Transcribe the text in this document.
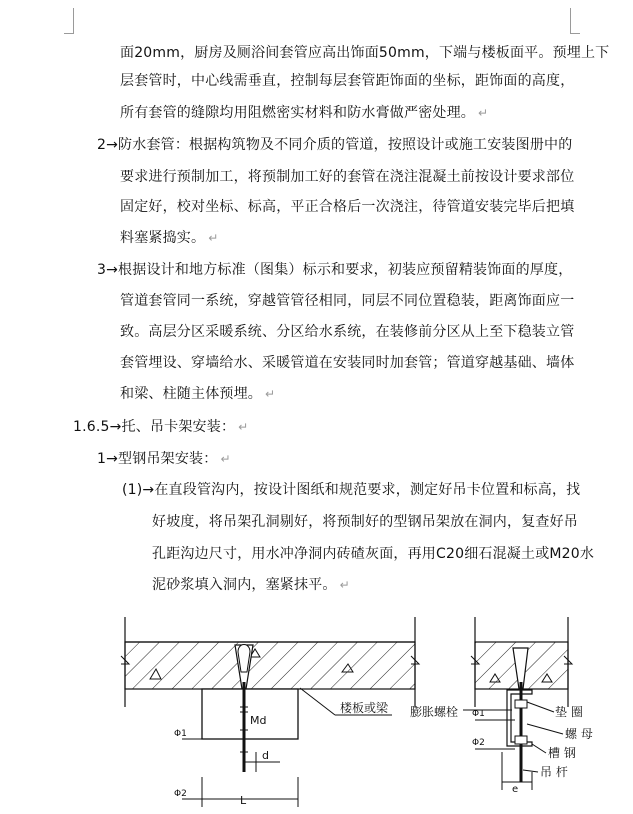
面20mm，厨房及厕浴间套管应高出饰面50mm，下端与楼板面平。预埋上下
层套管时，中心线需垂直，控制每层套管距饰面的坐标，距饰面的高度，
所有套管的缝隙均用阻燃密实材料和防水膏做严密处理。 ↵
2→防水套管：根据构筑物及不同介质的管道，按照设计或施工安装图册中的
要求进行预制加工，将预制加工好的套管在浇注混凝土前按设计要求部位
固定好，校对坐标、标高，平正合格后一次浇注，待管道安装完毕后把填
料塞紧捣实。 ↵
3→根据设计和地方标准（图集）标示和要求，初装应预留精装饰面的厚度，
管道套管同一系统，穿越管管径相同，同层不同位置稳装，距离饰面应一
致。高层分区采暖系统、分区给水系统，在装修前分区从上至下稳装立管
套管埋设、穿墙给水、采暖管道在安装同时加套管；管道穿越基础、墙体
和梁、柱随主体预埋。 ↵
1.6.5→托、吊卡架安装： ↵
1→型钢吊架安装： ↵
(1)→在直段管沟内，按设计图纸和规范要求，测定好吊卡位置和标高，找
好坡度，将吊架孔洞剔好，将预制好的型钢吊架放在洞内，复查好吊
孔距沟边尺寸，用水冲净洞内砖碴灰面，再用C20细石混凝土或M20水
泥砂浆填入洞内，塞紧抹平。 ↵
Md
Φ1
d
Φ2	L
楼板或梁 膨胀螺栓 Φ1
Φ2
垫 圈
螺 母
槽 钢
吊 杆
e
